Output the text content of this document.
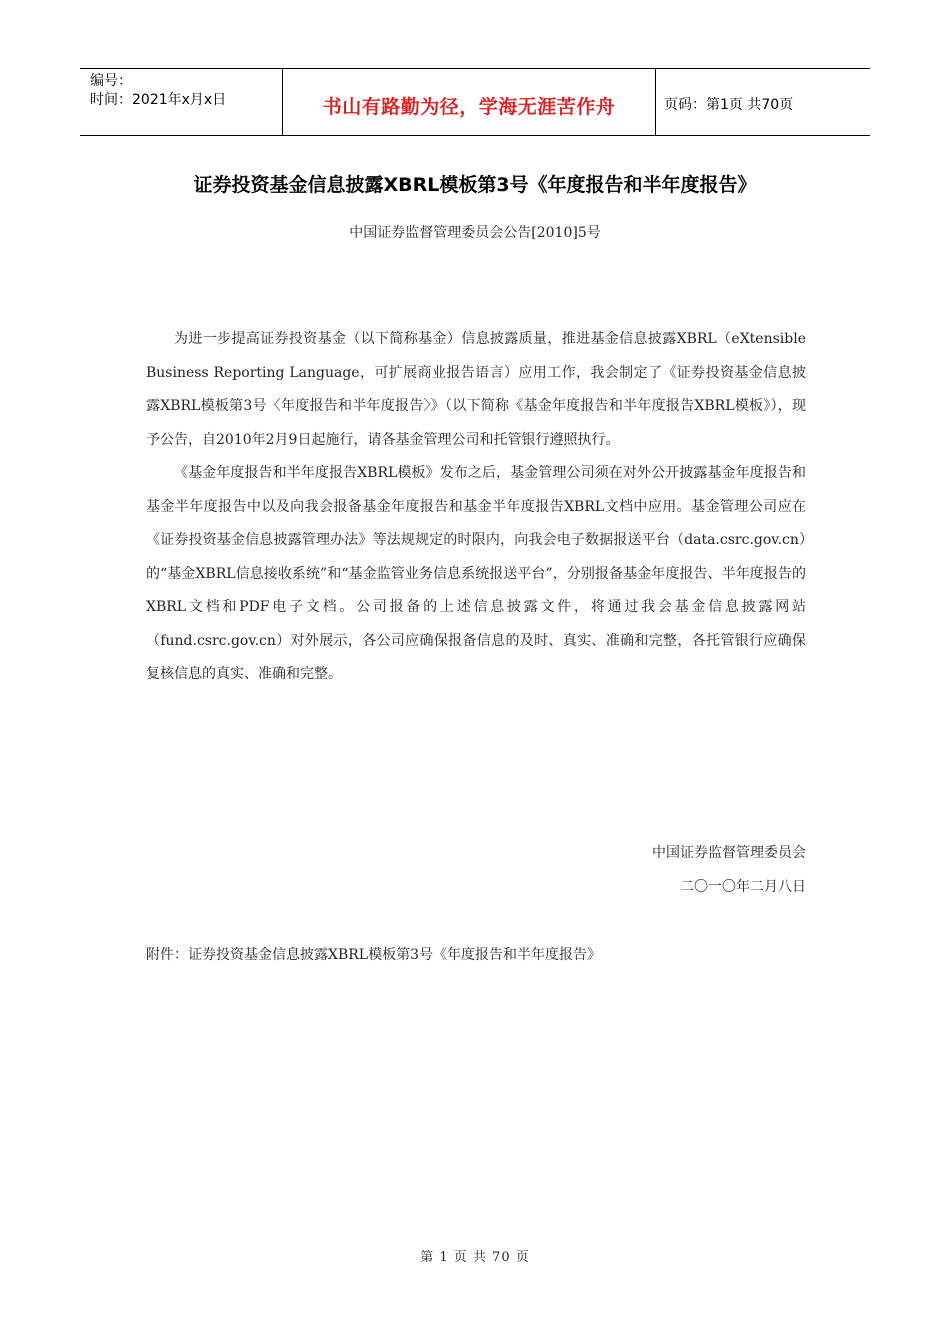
编号：
时间：2021年x月x日	书山有路勤为径，学海无涯苦作舟	页码：第1页 共70页
证券投资基金信息披露XBRL模板第3号《年度报告和半年度报告》
中国证券监督管理委员会公告[2010]5号

为进一步提高证券投资基金（以下简称基金）信息披露质量，推进基金信息披露XBRL（eXtensible Business Reporting Language，可扩展商业报告语言）应用工作，我会制定了《证券投资基金信息披露XBRL模板第3号〈年度报告和半年度报告〉》（以下简称《基金年度报告和半年度报告XBRL模板》），现予公告，自2010年2月9日起施行，请各基金管理公司和托管银行遵照执行。

《基金年度报告和半年度报告XBRL模板》发布之后，基金管理公司须在对外公开披露基金年度报告和基金半年度报告中以及向我会报备基金年度报告和基金半年度报告XBRL文档中应用。基金管理公司应在《证券投资基金信息披露管理办法》等法规规定的时限内，向我会电子数据报送平台（data.csrc.gov.cn）的“基金XBRL信息接收系统”和“基金监管业务信息系统报送平台”，分别报备基金年度报告、半年度报告的XBRL文档和PDF电子文档。公司报备的上述信息披露文件，将通过我会基金信息披露网站（fund.csrc.gov.cn）对外展示，各公司应确保报备信息的及时、真实、准确和完整，各托管银行应确保复核信息的真实、准确和完整。

中国证券监督管理委员会
二〇一〇年二月八日
附件：证券投资基金信息披露XBRL模板第3号《年度报告和半年度报告》
第 1 页 共 70 页
